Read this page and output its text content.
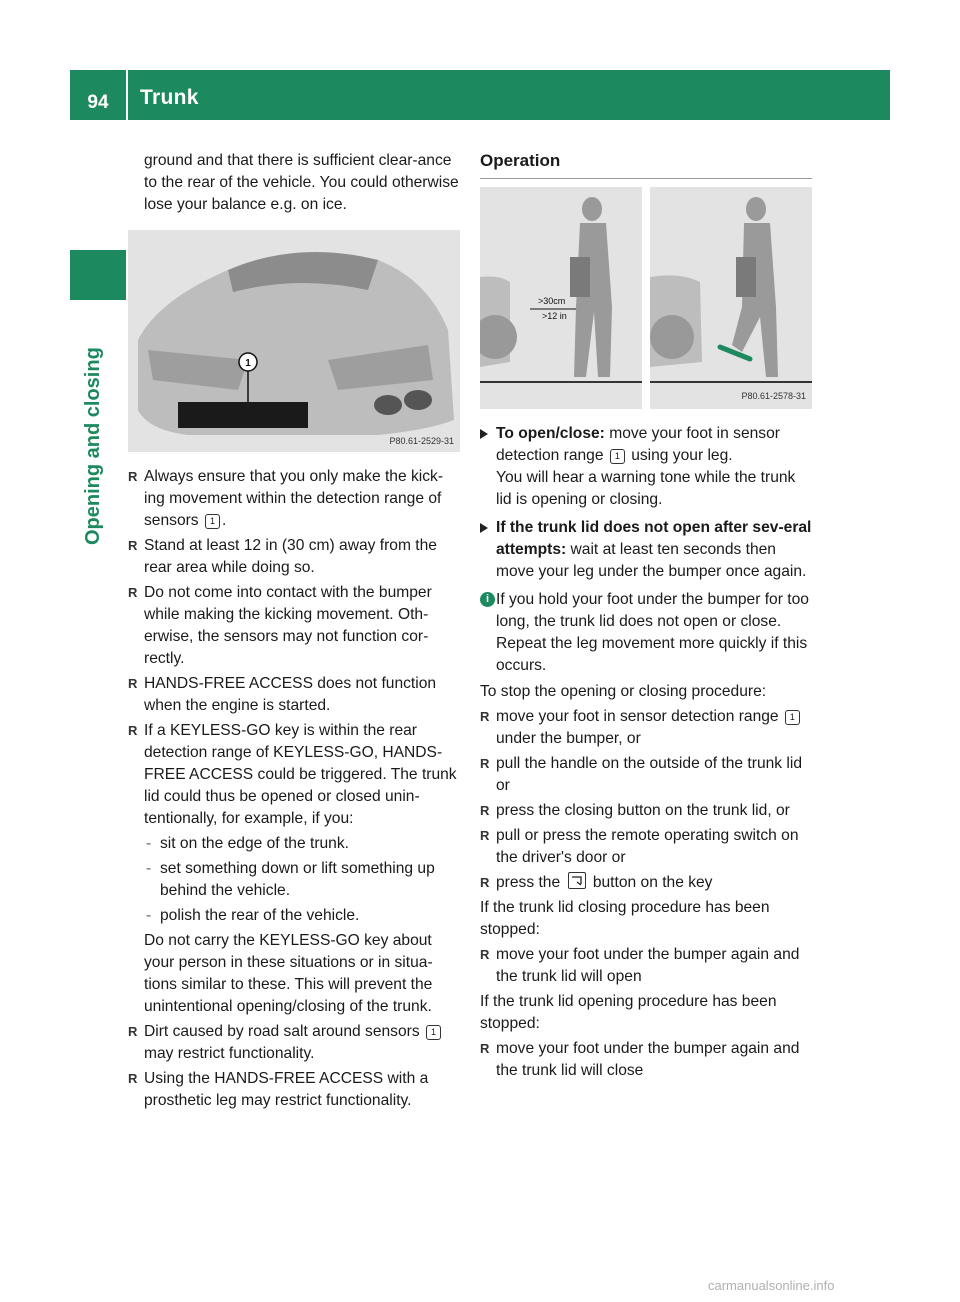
94	Trunk
Opening and closing

ground and that there is sufficient clear-ance to the rear of the vehicle. You could otherwise lose your balance e.g. on ice.

1
P80.61-2529-31
R Always ensure that you only make the kick-ing movement within the detection range of sensors 1 .
R Stand at least 12 in (30 cm) away from the rear area while doing so.
R Do not come into contact with the bumper while making the kicking movement. Oth-erwise, the sensors may not function cor-rectly.
R HANDS-FREE ACCESS does not function when the engine is started.
R If a KEYLESS-GO key is within the rear detection range of KEYLESS-GO, HANDS-FREE ACCESS could be triggered. The trunk lid could thus be opened or closed unin-tentionally, for example, if you:
- sit on the edge of the trunk.
- set something down or lift something up behind the vehicle.
- polish the rear of the vehicle.
Do not carry the KEYLESS-GO key about your person in these situations or in situa-tions similar to these. This will prevent the unintentional opening/closing of the trunk.
R Dirt caused by road salt around sensors 1 may restrict functionality.
R Using the HANDS-FREE ACCESS with a prosthetic leg may restrict functionality.
Operation
>30cm
>12 in
P80.61-2578-31
To open/close: move your foot in sensor detection range 1 using your leg.
You will hear a warning tone while the trunk lid is opening or closing.
If the trunk lid does not open after sev-eral attempts: wait at least ten seconds then move your leg under the bumper once again.
i If you hold your foot under the bumper for too long, the trunk lid does not open or close. Repeat the leg movement more quickly if this occurs.

To stop the opening or closing procedure:

R move your foot in sensor detection range 1 under the bumper, or
R pull the handle on the outside of the trunk lid or
R press the closing button on the trunk lid, or
R pull or press the remote operating switch on the driver's door or
R press the
button on the key

If the trunk lid closing procedure has been stopped:

R move your foot under the bumper again and the trunk lid will open

If the trunk lid opening procedure has been stopped:

R move your foot under the bumper again and the trunk lid will close
carmanualsonline.info
